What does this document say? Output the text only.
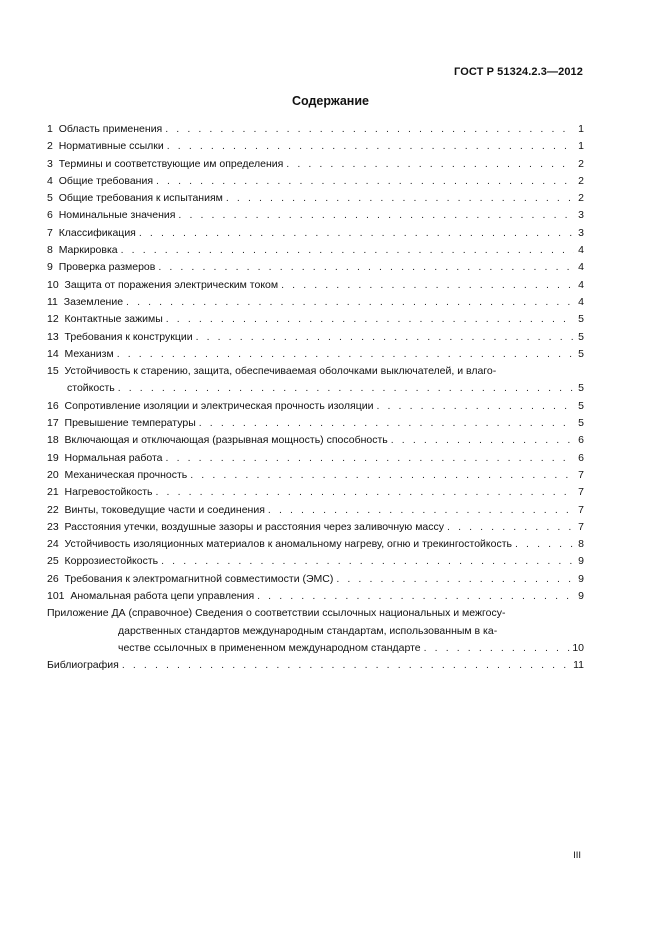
ГОСТ Р 51324.2.3—2012
Содержание
1 Область применения . . .	1
2 Нормативные ссылки . . .	1
3 Термины и соответствующие им определения . . .	2
4 Общие требования . . .	2
5 Общие требования к испытаниям . . .	2
6 Номинальные значения . . .	3
7 Классификация . . .	3
8 Маркировка . . .	4
9 Проверка размеров . . .	4
10 Защита от поражения электрическим током . . .	4
11 Заземление . . .	4
12 Контактные зажимы . . .	5
13 Требования к конструкции . . .	5
14 Механизм . . .	5
15 Устойчивость к старению, защита, обеспечиваемая оболочками выключателей, и влаго-
стойкость . . .	5
16 Сопротивление изоляции и электрическая прочность изоляции . . .	5
17 Превышение температуры . . .	5
18 Включающая и отключающая (разрывная мощность) способность . . .	6
19 Нормальная работа . . .	6
20 Механическая прочность . . .	7
21 Нагревостойкость . . .	7
22 Винты, токоведущие части и соединения . . .	7
23 Расстояния утечки, воздушные зазоры и расстояния через заливочную массу . . .	7
24 Устойчивость изоляционных материалов к аномальному нагреву, огню и трекингостойкость . . .	8
25 Коррозиестойкость . . .	9
26 Требования к электромагнитной совместимости (ЭМС) . . .	9
101 Аномальная работа цепи управления . . .	9
Приложение ДА (справочное) Сведения о соответствии ссылочных национальных и межгосу-
дарственных стандартов международным стандартам, использованным в ка-
честве ссылочных в примененном международном стандарте . . .	10
Библиография . . .	11
III
